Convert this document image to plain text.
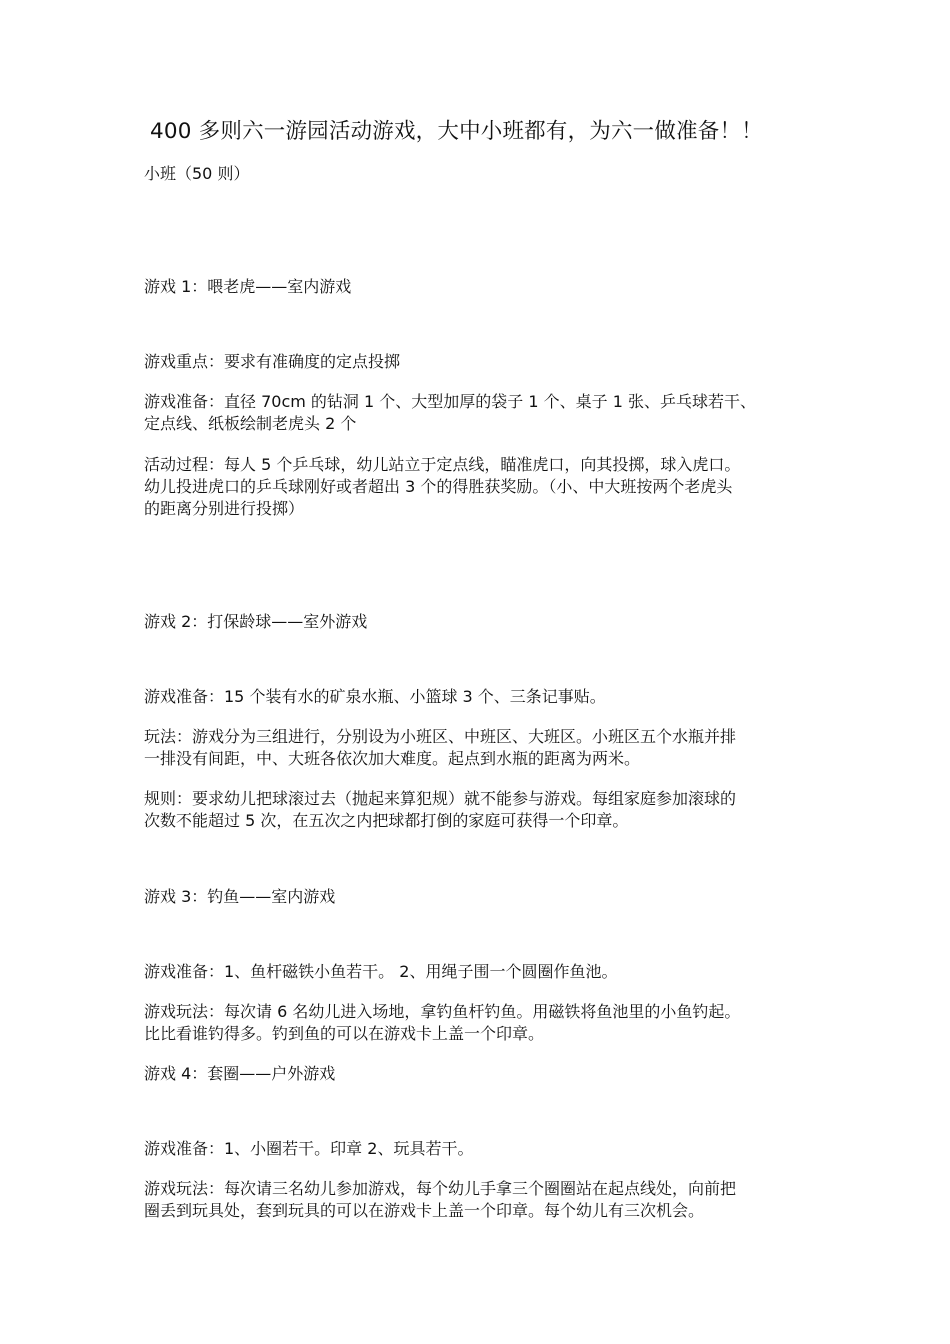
400 多则六一游园活动游戏，大中小班都有，为六一做准备！！

小班（50 则）

游戏 1：喂老虎——室内游戏

游戏重点：要求有准确度的定点投掷

游戏准备：直径 70cm 的钻洞 1 个、大型加厚的袋子 1 个、桌子 1 张、乒乓球若干、
定点线、纸板绘制老虎头 2 个

活动过程：每人 5 个乒乓球，幼儿站立于定点线，瞄准虎口，向其投掷，球入虎口。
幼儿投进虎口的乒乓球刚好或者超出 3 个的得胜获奖励。（小、中大班按两个老虎头
的距离分别进行投掷）

游戏 2：打保龄球——室外游戏

游戏准备：15 个装有水的矿泉水瓶、小篮球 3 个、三条记事贴。

玩法：游戏分为三组进行，分别设为小班区、中班区、大班区。小班区五个水瓶并排
一排没有间距，中、大班各依次加大难度。起点到水瓶的距离为两米。

规则：要求幼儿把球滚过去（抛起来算犯规）就不能参与游戏。每组家庭参加滚球的
次数不能超过 5 次，在五次之内把球都打倒的家庭可获得一个印章。

游戏 3：钓鱼——室内游戏

游戏准备：1、鱼杆磁铁小鱼若干。 2、用绳子围一个圆圈作鱼池。

游戏玩法：每次请 6 名幼儿进入场地，拿钓鱼杆钓鱼。用磁铁将鱼池里的小鱼钓起。
比比看谁钓得多。钓到鱼的可以在游戏卡上盖一个印章。

游戏 4：套圈——户外游戏

游戏准备：1、小圈若干。印章 2、玩具若干。

游戏玩法：每次请三名幼儿参加游戏，每个幼儿手拿三个圈圈站在起点线处，向前把
圈丢到玩具处，套到玩具的可以在游戏卡上盖一个印章。每个幼儿有三次机会。
